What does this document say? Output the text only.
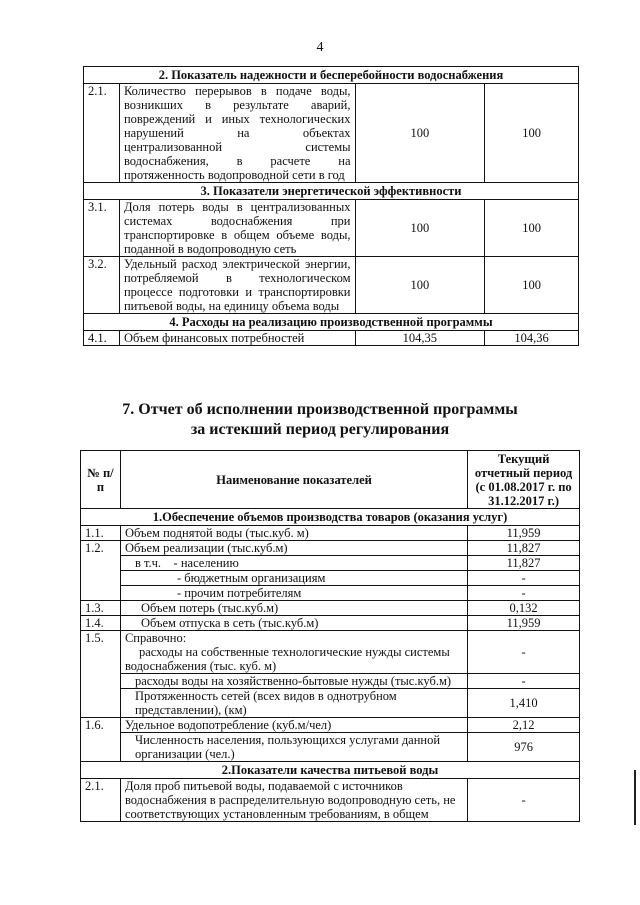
4
2. Показатель надежности и бесперебойности водоснабжения			
2.1.	Количество перерывов в подаче воды, возникших в результате аварий, повреждений и иных технологических нарушений на объектах централизованной системы водоснабжения, в расчете на протяженность водопроводной сети в год	100	100
3. Показатели энергетической эффективности			
3.1.	Доля потерь воды в централизованных системах водоснабжения при транспортировке в общем объеме воды, поданной в водопроводную сеть	100	100
3.2.	Удельный расход электрической энергии, потребляемой в технологическом процессе подготовки и транспортировки питьевой воды, на единицу объема воды	100	100
4. Расходы на реализацию производственной программы			
4.1.	Объем финансовых потребностей	104,35	104,36
7. Отчет об исполнении производственной программы
за истекший период регулирования
№ п/п	Наименование показателей	Текущий отчетный период (с 01.08.2017 г. по 31.12.2017 г.)
1.Обеспечение объемов производства товаров (оказания услуг)		
1.1.	Объем поднятой воды (тыс.куб. м)	11,959
1.2.	Объем реализации (тыс.куб.м)	11,827
	в т.ч.    - населению	11,827
	- бюджетным организациям	-
	- прочим потребителям	-
1.3.	Объем потерь (тыс.куб.м)	0,132
1.4.	Объем отпуска в сеть (тыс.куб.м)	11,959
1.5.	Справочно:
расходы на собственные технологические нужды системы водоснабжения (тыс. куб. м)	-
	расходы воды на хозяйственно-бытовые нужды (тыс.куб.м)	-
	Протяженность сетей (всех видов в однотрубном представлении), (км)	1,410
1.6.	Удельное водопотребление (куб.м/чел)	2,12
	Численность населения, пользующихся услугами данной организации (чел.)	976
2.Показатели качества питьевой воды		
2.1.	Доля проб питьевой воды, подаваемой с источников водоснабжения в распределительную водопроводную сеть, не соответствующих установленным требованиям, в общем	-
